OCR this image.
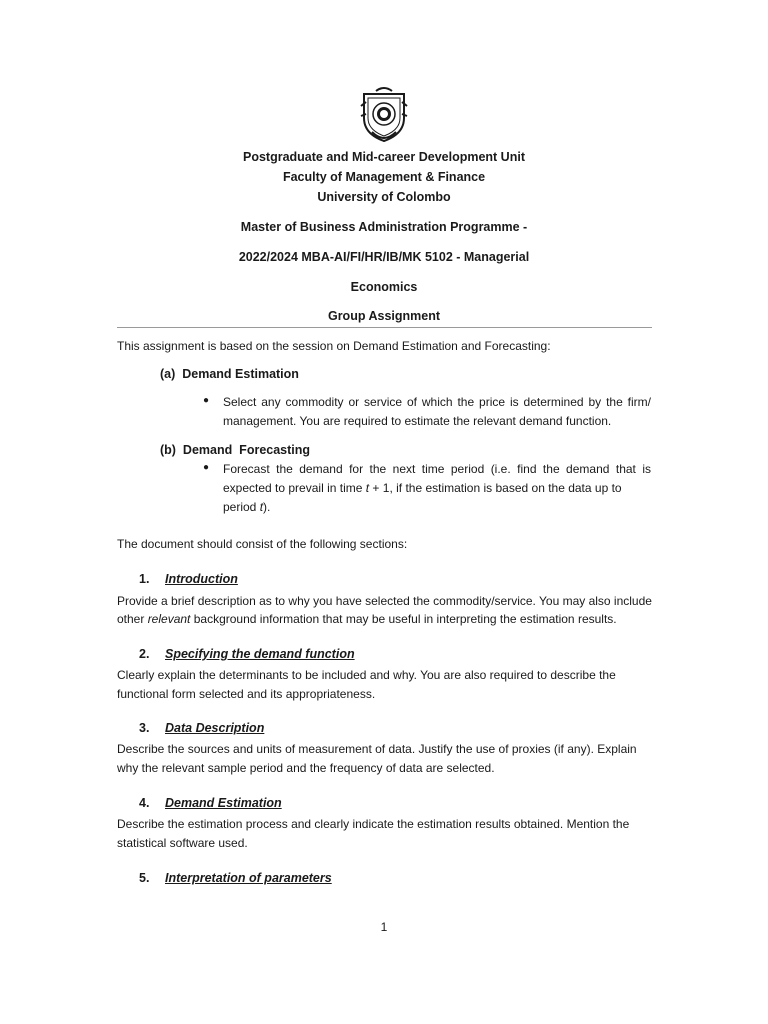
Postgraduate and Mid-career Development Unit
Faculty of Management & Finance
University of Colombo
Master of Business Administration Programme -
2022/2024 MBA-AI/FI/HR/IB/MK 5102 - Managerial
Economics
Group Assignment
This assignment is based on the session on Demand Estimation and Forecasting:
(a) Demand Estimation
● Select any commodity or service of which the price is determined by the firm/
management. You are required to estimate the relevant demand function.
(b) Demand  Forecasting
● Forecast the demand for the next time period (i.e. find the demand that is
expected to prevail in time t + 1, if the estimation is based on the data up to
period t).
The document should consist of the following sections:
1. Introduction
Provide a brief description as to why you have selected the commodity/service. You may also include
other relevant background information that may be useful in interpreting the estimation results.
2. Specifying the demand function
Clearly explain the determinants to be included and why. You are also required to describe the
functional form selected and its appropriateness.
3. Data Description
Describe the sources and units of measurement of data. Justify the use of proxies (if any). Explain
why the relevant sample period and the frequency of data are selected.
4. Demand Estimation
Describe the estimation process and clearly indicate the estimation results obtained. Mention the
statistical software used.
5. Interpretation of parameters
1
